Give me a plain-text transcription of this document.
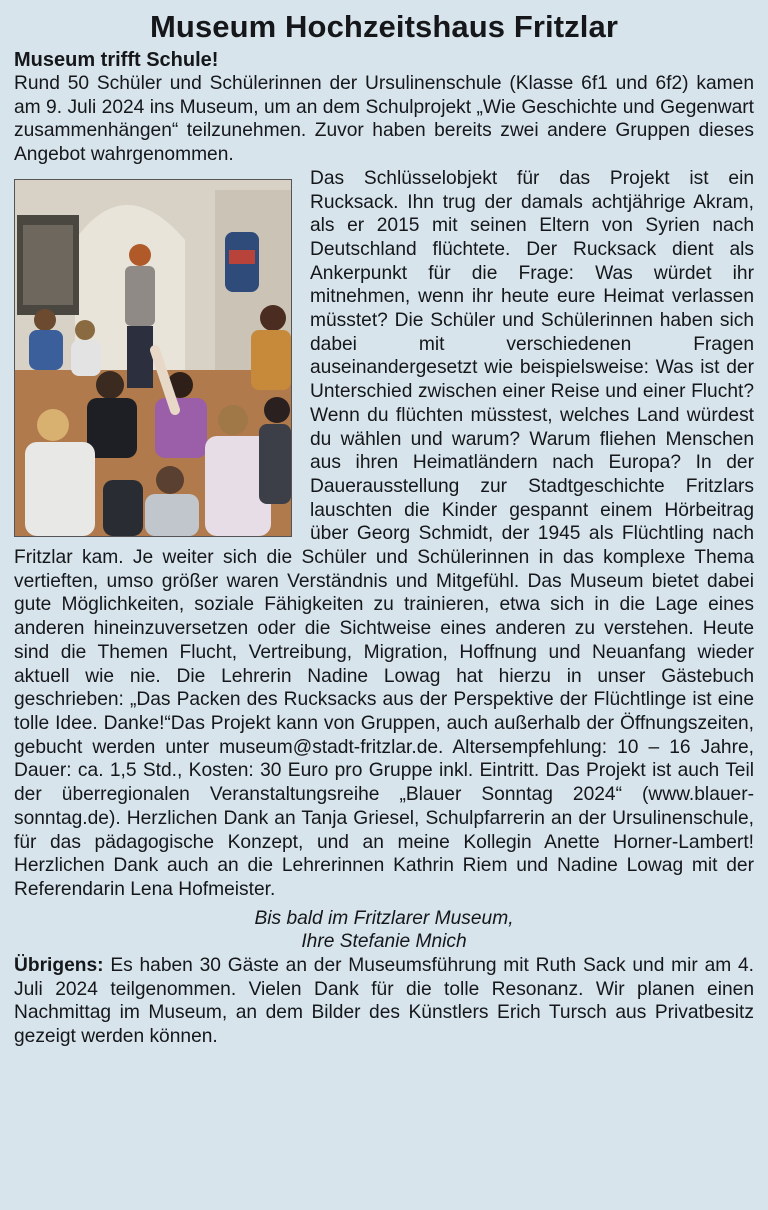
Museum Hochzeitshaus Fritzlar
Museum trifft Schule!

Rund 50 Schüler und Schülerinnen der Ursulinenschule (Klasse 6f1 und 6f2) kamen am 9. Juli 2024 ins Museum, um an dem Schulprojekt „Wie Geschichte und Gegenwart zusammenhängen“ teilzunehmen. Zuvor haben bereits zwei andere Gruppen dieses Angebot wahrgenommen.

Das Schlüsselobjekt für das Projekt ist ein Rucksack. Ihn trug der damals achtjährige Akram, als er 2015 mit seinen Eltern von Syrien nach Deutschland flüchtete. Der Rucksack dient als Ankerpunkt für die Frage: Was würdet ihr mitnehmen, wenn ihr heute eure Heimat verlassen müsstet? Die Schüler und Schülerinnen haben sich dabei mit verschiedenen Fragen auseinandergesetzt wie beispielsweise: Was ist der Unterschied zwischen einer Reise und einer Flucht? Wenn du flüchten müsstest, welches Land würdest du wählen und warum? Warum fliehen Menschen aus ihren Heimatländern nach Europa? In der Dauerausstellung zur Stadtgeschichte Fritzlars lauschten die Kinder gespannt einem Hörbeitrag über Georg Schmidt, der 1945 als Flüchtling nach Fritzlar kam. Je weiter sich die Schüler und Schülerinnen in das komplexe Thema vertieften, umso größer waren Verständnis und Mitgefühl. Das Museum bietet dabei gute Möglichkeiten, soziale Fähigkeiten zu trainieren, etwa sich in die Lage eines anderen hineinzuversetzen oder die Sichtweise eines anderen zu verstehen. Heute sind die Themen Flucht, Vertreibung, Migration, Hoffnung und Neuanfang wieder aktuell wie nie. Die Lehrerin Nadine Lowag hat hierzu in unser Gästebuch geschrieben: „Das Packen des Rucksacks aus der Perspektive der Flüchtlinge ist eine tolle Idee. Danke!“Das Projekt kann von Gruppen, auch außerhalb der Öffnungszeiten, gebucht werden unter museum@stadt-fritzlar.de. Altersempfehlung: 10 – 16 Jahre, Dauer: ca. 1,5 Std., Kosten: 30 Euro pro Gruppe inkl. Eintritt. Das Projekt ist auch Teil der überregionalen Veranstaltungsreihe „Blauer Sonntag 2024“ (www.blauer-sonntag.de). Herzlichen Dank an Tanja Griesel, Schulpfarrerin an der Ursulinenschule, für das pädagogische Konzept, und an meine Kollegin Anette Horner-Lambert! Herzlichen Dank auch an die Lehrerinnen Kathrin Riem und Nadine Lowag mit der Referendarin Lena Hofmeister.

Bis bald im Fritzlarer Museum,
Ihre Stefanie Mnich

Übrigens: Es haben 30 Gäste an der Museumsführung mit Ruth Sack und mir am 4. Juli 2024 teilgenommen. Vielen Dank für die tolle Resonanz. Wir planen einen Nachmittag im Museum, an dem Bilder des Künstlers Erich Tursch aus Privatbesitz gezeigt werden können.
